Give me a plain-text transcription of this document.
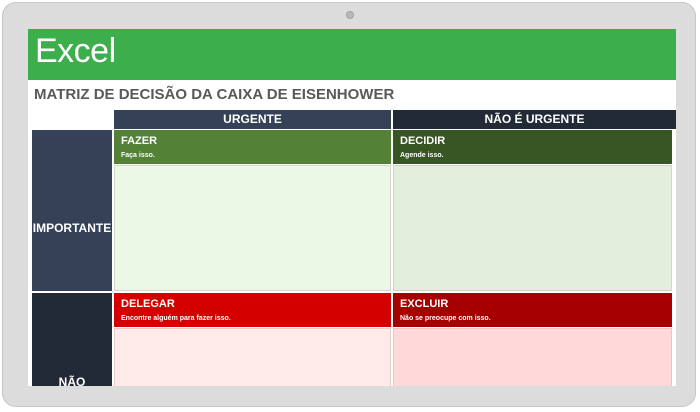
Excel
MATRIZ DE DECISÃO DA CAIXA DE EISENHOWER
URGENTE	NÃO É URGENTE
IMPORTANTE
NÃO
FAZER
Faça isso.
DECIDIR
Agende isso.
DELEGAR
Encontre alguém para fazer isso.
EXCLUIR
Não se preocupe com isso.
